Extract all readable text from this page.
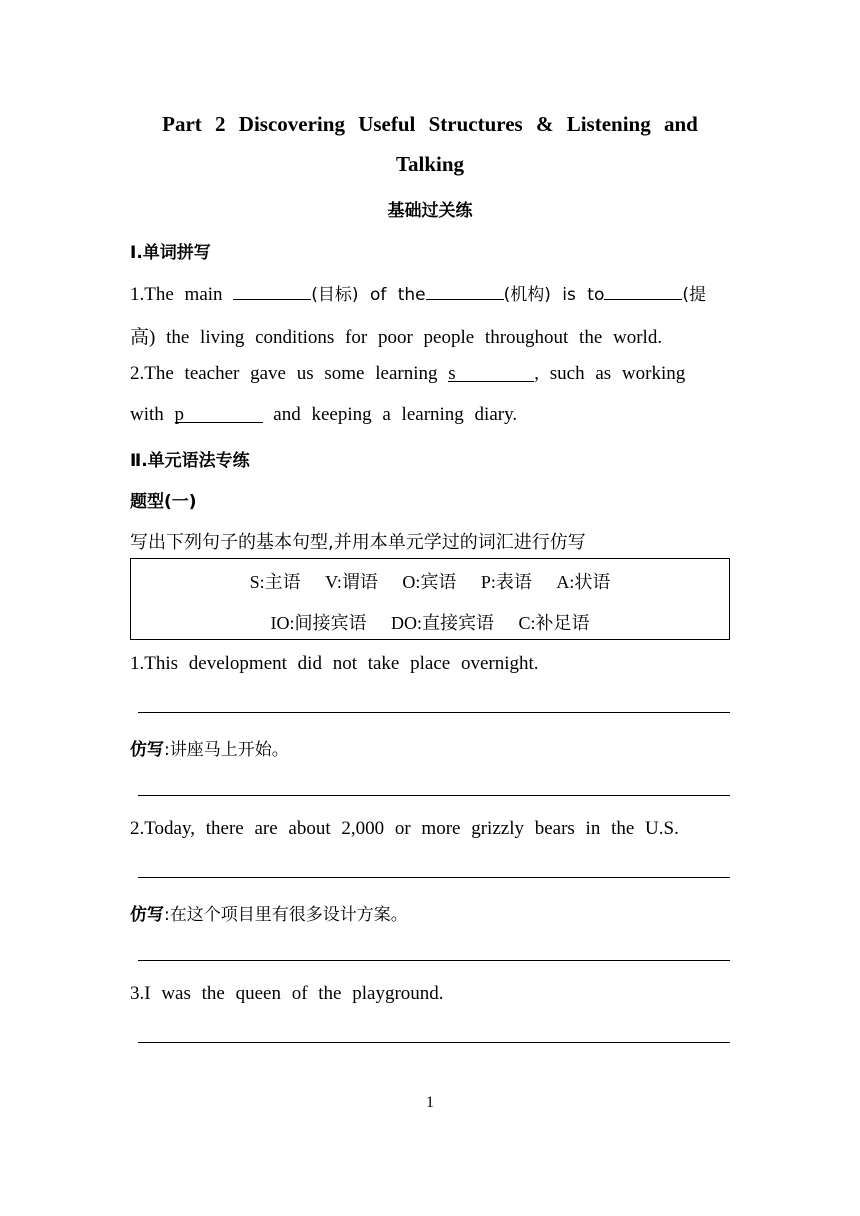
Part 2 Discovering Useful Structures & Listening and
Talking
基础过关练
Ⅰ.单词拼写
1.The main	(目标) of the	(机构) is to	(提
高) the living conditions for poor people throughout the world.
2.The teacher gave us some learning s	, such as working
with p	and keeping a learning diary.
Ⅱ.单元语法专练
题型(一)
写出下列句子的基本句型,并用本单元学过的词汇进行仿写
S:主语 V:谓语 O:宾语 P:表语 A:状语
IO:间接宾语 DO:直接宾语 C:补足语
1.This development did not take place overnight.
仿写:讲座马上开始。
2.Today, there are about 2,000 or more grizzly bears in the U.S.
仿写:在这个项目里有很多设计方案。
3.I was the queen of the playground.
1
